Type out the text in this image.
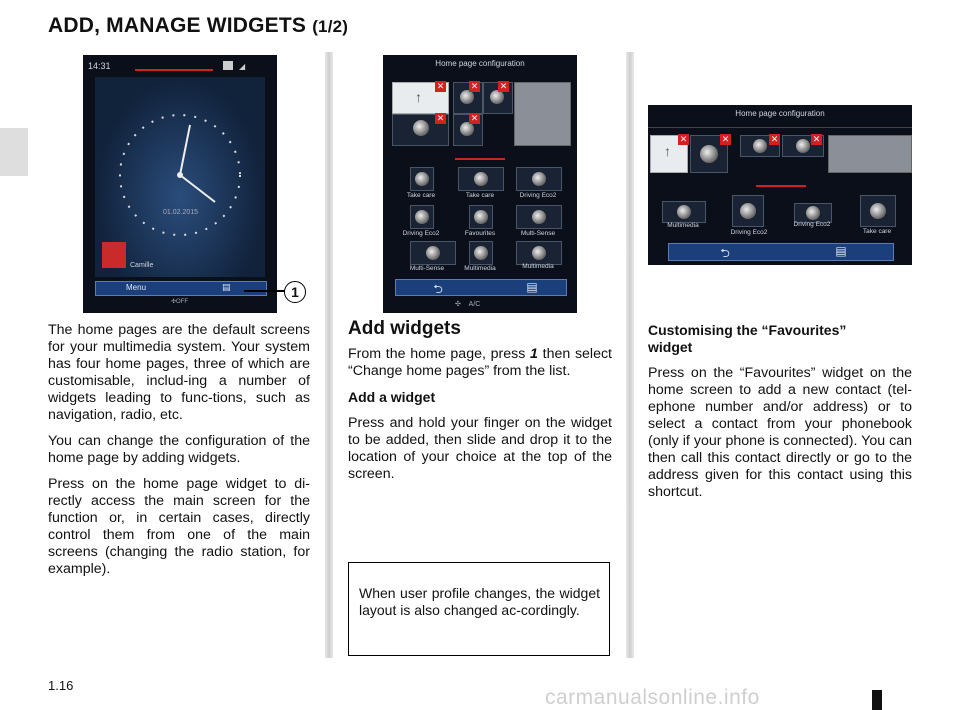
ADD, MANAGE WIDGETS (1/2)
14:31	◢
01.02.2015
Camille
Menu	▤
✣OFF
1
Home page configuration
↑
✕
✕
✕ ✕
✕
Take care	Take care	Driving Eco2
Driving Eco2	Favourites	Multi-Sense
Multi-Sense	Multimedia	Multimedia
⮌	▤
✣    A/C
Home page configuration
↑
✕	✕	✕	✕
Multimedia
Driving Eco2
Driving Eco2
Take care
⮌	▤

The home pages are the default screens for your multimedia system. Your system has four home pages, three of which are customisable, includ-ing a number of widgets leading to func-tions, such as navigation, radio, etc.

You can change the configuration of the home page by adding widgets.

Press on the home page widget to di-rectly access the main screen for the function or, in certain cases, directly control them from one of the main screens (changing the radio station, for example).

Add widgets

From the home page, press 1 then select “Change home pages” from the list.

Add a widget

Press and hold your finger on the widget to be added, then slide and drop it to the location of your choice at the top of the screen.

When user profile changes, the widget layout is also changed ac-cordingly.
Customising the “Favourites”
widget

Press on the “Favourites” widget on the home screen to add a new contact (tel-ephone number and/or address) or to select a contact from your phonebook (only if your phone is connected). You can then call this contact directly or go to the address given for this contact using this shortcut.

1.16
carmanualsonline.info
